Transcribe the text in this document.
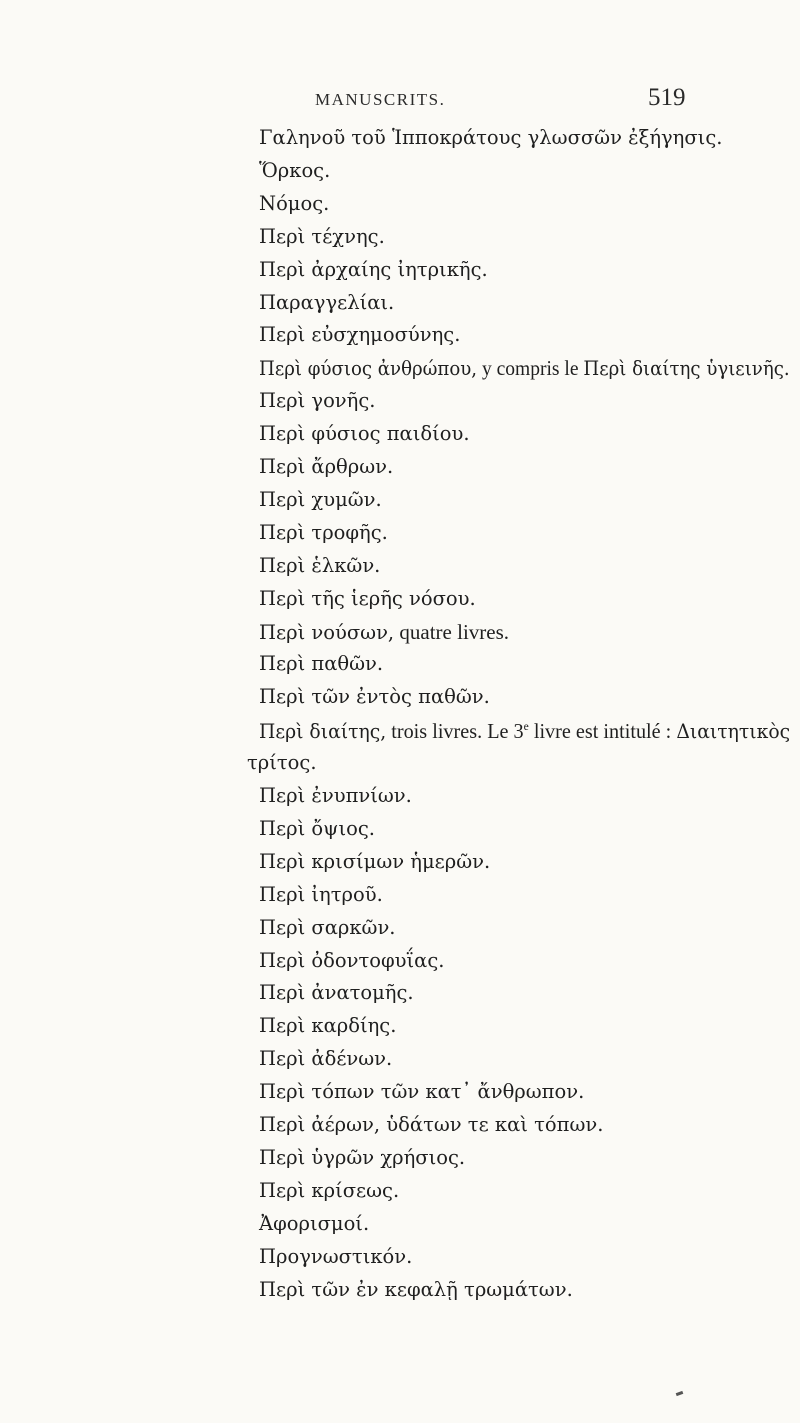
MANUSCRITS.	519
Γαληνοῦ τοῦ Ἱπποκράτους γλωσσῶν ἐξήγησις.
Ὅρκος.
Νόμος.
Περὶ τέχνης.
Περὶ ἀρχαίης ἰητρικῆς.
Παραγγελίαι.
Περὶ εὐσχημοσύνης.
Περὶ φύσιος ἀνθρώπου, y compris le Περὶ διαίτης ὑγιεινῆς.
Περὶ γονῆς.
Περὶ φύσιος παιδίου.
Περὶ ἄρθρων.
Περὶ χυμῶν.
Περὶ τροφῆς.
Περὶ ἑλκῶν.
Περὶ τῆς ἱερῆς νόσου.
Περὶ νούσων, quatre livres.
Περὶ παθῶν.
Περὶ τῶν ἐντὸς παθῶν.
Περὶ διαίτης, trois livres. Le 3e livre est intitulé : Διαιτητικὸς
τρίτος.
Περὶ ἐνυπνίων.
Περὶ ὄψιος.
Περὶ κρισίμων ἡμερῶν.
Περὶ ἰητροῦ.
Περὶ σαρκῶν.
Περὶ ὀδοντοφυΐας.
Περὶ ἀνατομῆς.
Περὶ καρδίης.
Περὶ ἀδένων.
Περὶ τόπων τῶν κατ᾽ ἄνθρωπον.
Περὶ ἀέρων, ὑδάτων τε καὶ τόπων.
Περὶ ὑγρῶν χρήσιος.
Περὶ κρίσεως.
Ἀφορισμοί.
Προγνωστικόν.
Περὶ τῶν ἐν κεφαλῇ τρωμάτων.
